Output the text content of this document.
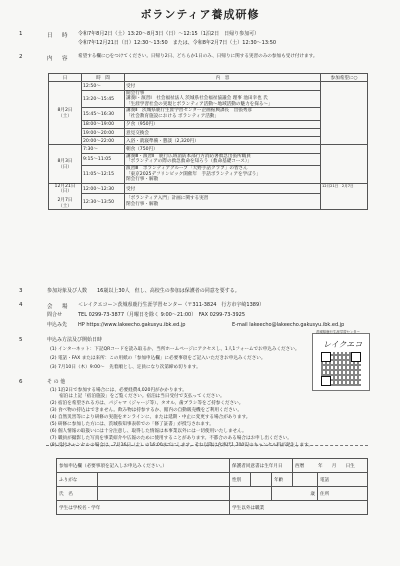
ボランティア養成研修
1	日　時 令和7年8月2日（土）13:20〜8月3日（日）〜12:15（1泊2日　日帰り参加可）
令和7年12月21日（日）12:30〜13:50　または、令和8年2月7日（土）12:30〜13:50
2	内　容 希望する欄に○をつけてください。日帰り2日、どちらか1日のみ、日帰りに関する実習のみの参加も受け付けます。
日	時　間	内　容	参加希望に○
8月2日
（土）	12:50〜	受付	
	13:20〜15:45	開会行事
講義Ⅰ・演習Ⅰ　社会福祉法人 茨城県社会福祉協議会 理事 池田幸也 氏
「生涯学習社会の実現とボランティア活動〜地域活動の魅力を探る〜」	

	15:45〜16:30	講義Ⅱ　茨城県鹿行生涯学習センター企画振興課長　出張秀彦
「社会教育施設における ボランティア活動」	

	18:00〜19:00	夕食（950円）	
	19:00〜20:00	意見交換会	
	20:00〜22:00	入浴・就寝準備・懇談（2,320円）	
8月3日
（日）	7:30〜	朝食（750円）	
	9:15〜11:05	講義Ⅲ・演習Ⅱ　鹿行広域消防本部行方消防署救急出張所職員
「ボランティアの際の救急救命を知ろう（救命基礎コース）」	

	11:05〜12:15	演習Ⅲ　ボランティアグループ「大野手話クラブ」の皆さん
「東京2025デフリンピック開催年　手話ボランティアを学ぼう」
閉会行事・解散	

12月21日
（日）
2月7日
（土）	12:00〜12:30	受付	12月21日　2月7日
	12:30〜13:50	「ボランティア入門」計画に関する実習
閉会行事・解散	
3	参加対象及び人数　　16歳以上30人　但し、高校生の参加は保護者の同意を要する。
4	会　場 ＜レイクエコー＞茨城県鹿行生涯学習センター（〒311-3824　行方市宇崎1389）
問合せ	TEL 0299-73-3877（月曜日を除く 9:00〜21:00）　FAX 0299-73-3925
申込み先 HP https://www.lakeecho.gakusyu.ibk.ed.jp	E-mail lakeecho@lakeecho.gakusyu.ibk.ed.jp
5	申込み方法及び開始日時
(1) インターネット：下記QRコードを読み取るか、当所ホームページにアクセスし、1人1フォームでお申込みください。
(2) 電話・FAX または来所：この用紙の「参加申込欄」に必要事項をご記入いただきお申込みください。
(3) 7月10日（木）9:00〜　先着順とし、定員になり次第締め切ります。
6	そ の 他
(1) 1泊2日で参加する場合には、必要経費4,020円がかかります。
　　宿泊は上記「宿泊施設」をご覧ください。宿泊は当日受付で支払ってください。
(2) 宿泊を希望される方は、パジャマ（ジャージ等）、タオル、歯ブラシ等をご持参ください。
(3) 食べ物の持込はできません。飲み物は持参するか、館内の自動販売機をご利用ください。
(4) 自然災害等により研修の実施をオンラインに、または延期・中止に変更する場合があります。
(5) 研修に参加した方には、茨城県知事表彰での「修了証書」が授与されます。
(6) 個人情報の取扱いには十分注意し、取得した情報は本事業以外には一切使用いたしません。
(7) 職員が撮影した写真を事業紹介や広報のために使用することがあります。不都合のある場合はお申し出ください。
(8) 受付キャンセルの場合は、7月26日（土）の16:00までにします。それ以降は食事代1,700円のキャンセル料が発生します。
茨城県鹿行生涯学習センター
レイクエコ
参加申込欄（必要事項を記入しお申込みください。）		保護者同意書は生年月日			西暦　　　年　　月　　日生	
ふりがな		性別		年齢		電話
氏　名				歳		住所
学生は学校名・学年		学生以外は職業				
